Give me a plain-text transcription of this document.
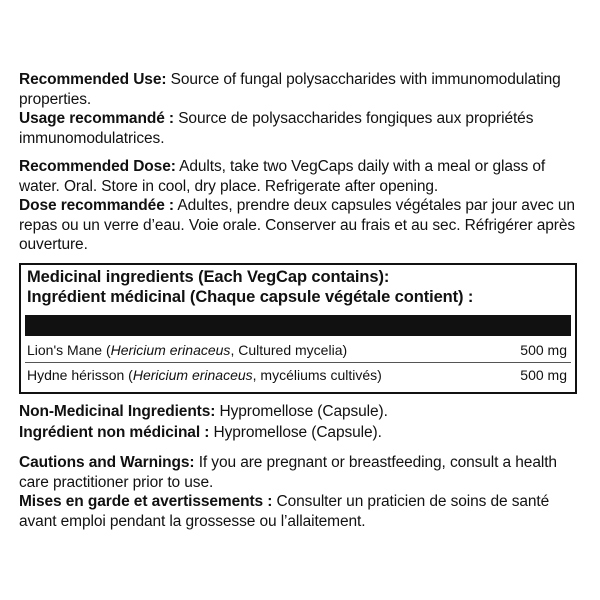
Recommended Use: Source of fungal polysaccharides with immunomodulating properties.
Usage recommandé : Source de polysaccharides fongiques aux propriétés immunomodulatrices.
Recommended Dose: Adults, take two VegCaps daily with a meal or glass of water. Oral. Store in cool, dry place. Refrigerate after opening.
Dose recommandée : Adultes, prendre deux capsules végétales par jour avec un repas ou un verre d’eau. Voie orale. Conserver au frais et au sec. Réfrigérer après ouverture.
Medicinal ingredients (Each VegCap contains):
Ingrédient médicinal (Chaque capsule végétale contient) :
Lion's Mane (Hericium erinaceus, Cultured mycelia)	500 mg
Hydne hérisson (Hericium erinaceus, mycéliums cultivés)	500 mg
Non-Medicinal Ingredients: Hypromellose (Capsule).
Ingrédient non médicinal : Hypromellose (Capsule).
Cautions and Warnings: If you are pregnant or breastfeeding, consult a health care practitioner prior to use.
Mises en garde et avertissements : Consulter un praticien de soins de santé avant emploi pendant la grossesse ou l’allaitement.
